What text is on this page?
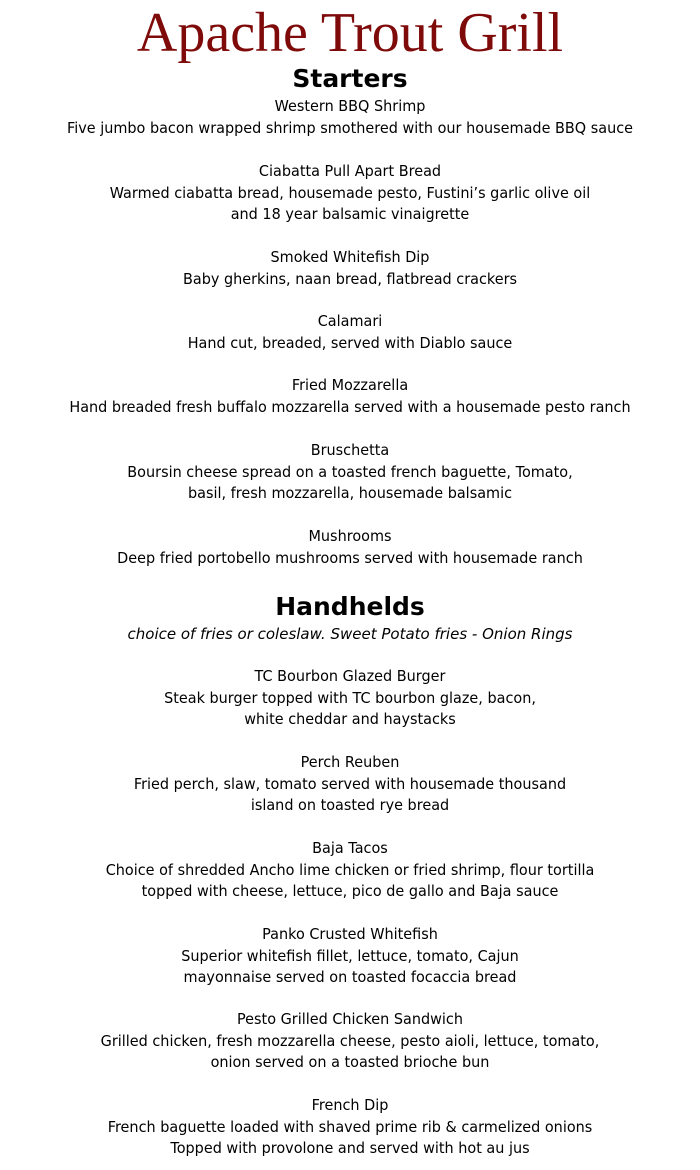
Apache Trout Grill
Starters
Western BBQ Shrimp
Five jumbo bacon wrapped shrimp smothered with our housemade BBQ sauce
Ciabatta Pull Apart Bread
Warmed ciabatta bread, housemade pesto, Fustini’s garlic olive oil
and 18 year balsamic vinaigrette
Smoked Whitefish Dip
Baby gherkins, naan bread, flatbread crackers
Calamari
Hand cut, breaded, served with Diablo sauce
Fried Mozzarella
Hand breaded fresh buffalo mozzarella served with a housemade pesto ranch
Bruschetta
Boursin cheese spread on a toasted french baguette, Tomato,
basil, fresh mozzarella, housemade balsamic
Mushrooms
Deep fried portobello mushrooms served with housemade ranch
Handhelds
choice of fries or coleslaw. Sweet Potato fries - Onion Rings
TC Bourbon Glazed Burger
Steak burger topped with TC bourbon glaze, bacon,
white cheddar and haystacks
Perch Reuben
Fried perch, slaw, tomato served with housemade thousand
island on toasted rye bread
Baja Tacos
Choice of shredded Ancho lime chicken or fried shrimp, flour tortilla
topped with cheese, lettuce, pico de gallo and Baja sauce
Panko Crusted Whitefish
Superior whitefish fillet, lettuce, tomato, Cajun
mayonnaise served on toasted focaccia bread
Pesto Grilled Chicken Sandwich
Grilled chicken, fresh mozzarella cheese, pesto aioli, lettuce, tomato,
onion served on a toasted brioche bun
French Dip
French baguette loaded with shaved prime rib & carmelized onions
Topped with provolone and served with hot au jus
